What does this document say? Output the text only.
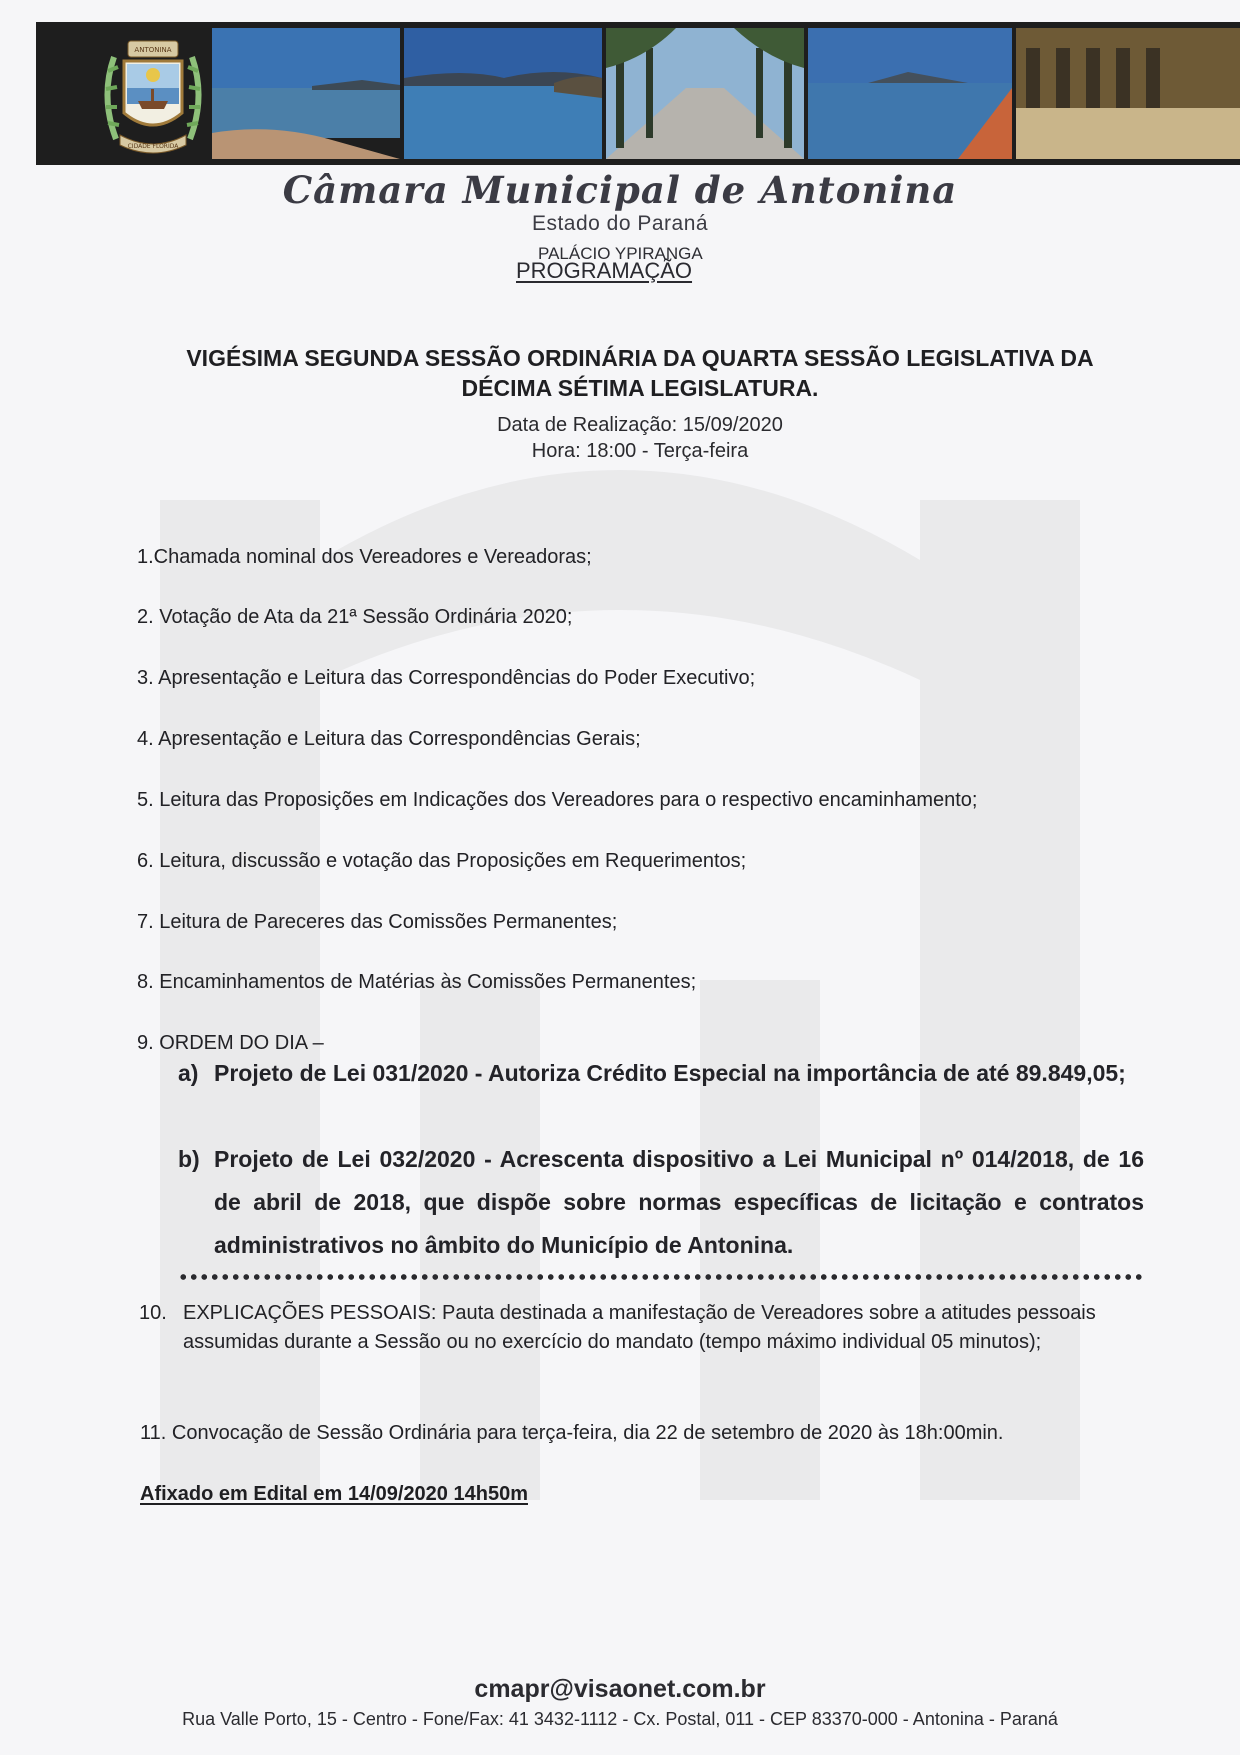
ANTONINA
CIDADE FLORIDA
Câmara Municipal de Antonina
Estado do Paraná
PALÁCIO YPIRANGA
PROGRAMAÇÃO
VIGÉSIMA SEGUNDA SESSÃO ORDINÁRIA DA QUARTA SESSÃO LEGISLATIVA DA
DÉCIMA SÉTIMA LEGISLATURA.
Data de Realização: 15/09/2020
Hora: 18:00 - Terça-feira
1.Chamada nominal dos Vereadores e Vereadoras;
2. Votação de Ata da 21ª Sessão Ordinária 2020;
3. Apresentação e Leitura das Correspondências do Poder Executivo;
4. Apresentação e Leitura das Correspondências Gerais;
5. Leitura das Proposições em Indicações dos Vereadores para o respectivo encaminhamento;
6. Leitura, discussão e votação das Proposições em Requerimentos;
7. Leitura de Pareceres das Comissões Permanentes;
8. Encaminhamentos de Matérias às Comissões Permanentes;
9. ORDEM DO DIA –
a) Projeto de Lei 031/2020 - Autoriza Crédito Especial na importância de até 89.849,05;
b) Projeto de Lei 032/2020 - Acrescenta dispositivo a Lei Municipal nº 014/2018, de 16 de abril de 2018, que dispõe sobre normas específicas de licitação e contratos administrativos no âmbito do Município de Antonina.
10. EXPLICAÇÕES PESSOAIS: Pauta destinada a manifestação de Vereadores sobre a atitudes pessoais assumidas durante a Sessão ou no exercício do mandato (tempo máximo individual 05 minutos);
11. Convocação de Sessão Ordinária para terça-feira, dia 22 de setembro de 2020 às 18h:00min.
Afixado em Edital em 14/09/2020 14h50m
cmapr@visaonet.com.br
Rua Valle Porto, 15 - Centro - Fone/Fax: 41 3432-1112 - Cx. Postal, 011 - CEP 83370-000 - Antonina - Paraná
